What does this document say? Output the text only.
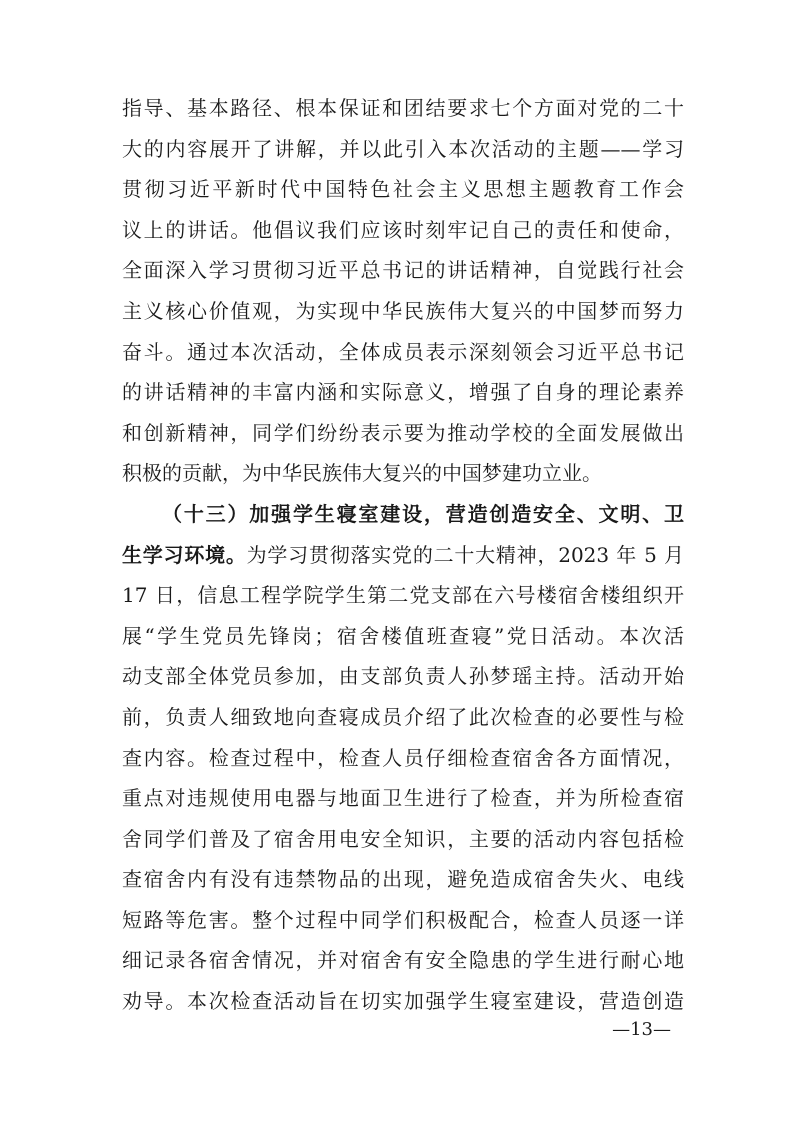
指导、基本路径、根本保证和团结要求七个方面对党的二十
大的内容展开了讲解，并以此引入本次活动的主题——学习
贯彻习近平新时代中国特色社会主义思想主题教育工作会
议上的讲话。他倡议我们应该时刻牢记自己的责任和使命，
全面深入学习贯彻习近平总书记的讲话精神，自觉践行社会
主义核心价值观，为实现中华民族伟大复兴的中国梦而努力
奋斗。通过本次活动，全体成员表示深刻领会习近平总书记
的讲话精神的丰富内涵和实际意义，增强了自身的理论素养
和创新精神，同学们纷纷表示要为推动学校的全面发展做出
积极的贡献，为中华民族伟大复兴的中国梦建功立业。
（十三）加强学生寝室建设，营造创造安全、文明、卫
生学习环境。为学习贯彻落实党的二十大精神，2023 年 5 月
17 日，信息工程学院学生第二党支部在六号楼宿舍楼组织开
展“学生党员先锋岗；宿舍楼值班查寝”党日活动。本次活
动支部全体党员参加，由支部负责人孙梦瑶主持。活动开始
前，负责人细致地向查寝成员介绍了此次检查的必要性与检
查内容。检查过程中，检查人员仔细检查宿舍各方面情况，
重点对违规使用电器与地面卫生进行了检查，并为所检查宿
舍同学们普及了宿舍用电安全知识，主要的活动内容包括检
查宿舍内有没有违禁物品的出现，避免造成宿舍失火、电线
短路等危害。整个过程中同学们积极配合，检查人员逐一详
细记录各宿舍情况，并对宿舍有安全隐患的学生进行耐心地
劝导。本次检查活动旨在切实加强学生寝室建设，营造创造
—13—
